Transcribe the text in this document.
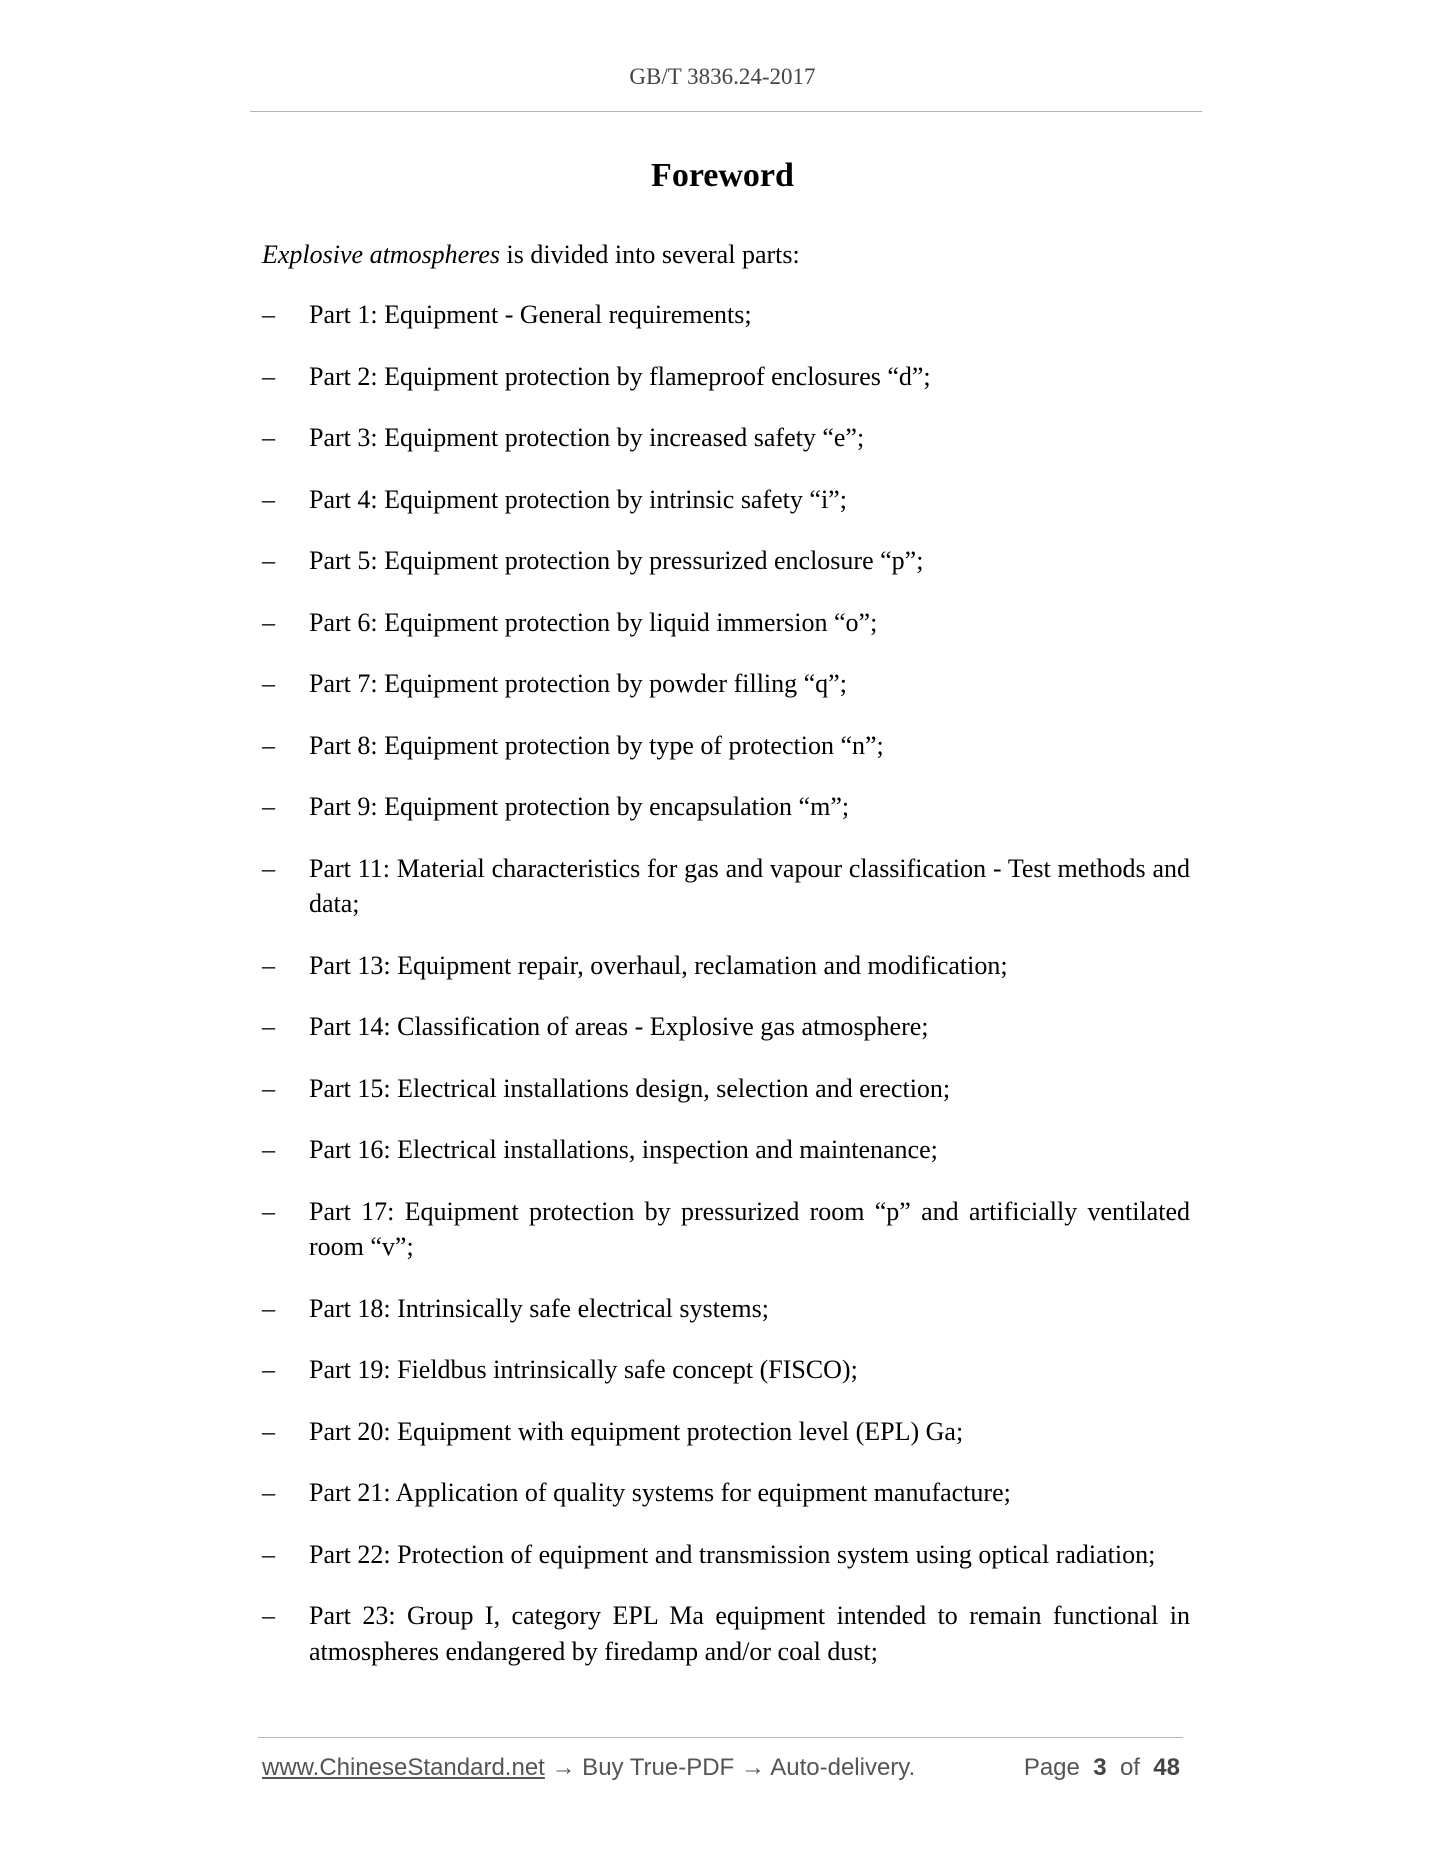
GB/T 3836.24-2017
Foreword
Explosive atmospheres is divided into several parts:
– Part 1: Equipment - General requirements;
– Part 2: Equipment protection by flameproof enclosures “d”;
– Part 3: Equipment protection by increased safety “e”;
– Part 4: Equipment protection by intrinsic safety “i”;
– Part 5: Equipment protection by pressurized enclosure “p”;
– Part 6: Equipment protection by liquid immersion “o”;
– Part 7: Equipment protection by powder filling “q”;
– Part 8: Equipment protection by type of protection “n”;
– Part 9: Equipment protection by encapsulation “m”;
– Part 11: Material characteristics for gas and vapour classification - Test methods and data;
– Part 13: Equipment repair, overhaul, reclamation and modification;
– Part 14: Classification of areas - Explosive gas atmosphere;
– Part 15: Electrical installations design, selection and erection;
– Part 16: Electrical installations, inspection and maintenance;
– Part 17: Equipment protection by pressurized room “p” and artificially ventilated room “v”;
– Part 18: Intrinsically safe electrical systems;
– Part 19: Fieldbus intrinsically safe concept (FISCO);
– Part 20: Equipment with equipment protection level (EPL) Ga;
– Part 21: Application of quality systems for equipment manufacture;
– Part 22: Protection of equipment and transmission system using optical radiation;
– Part 23: Group I, category EPL Ma equipment intended to remain functional in atmospheres endangered by firedamp and/or coal dust;
www.ChineseStandard.net → Buy True-PDF → Auto-delivery.	Page 3 of 48
